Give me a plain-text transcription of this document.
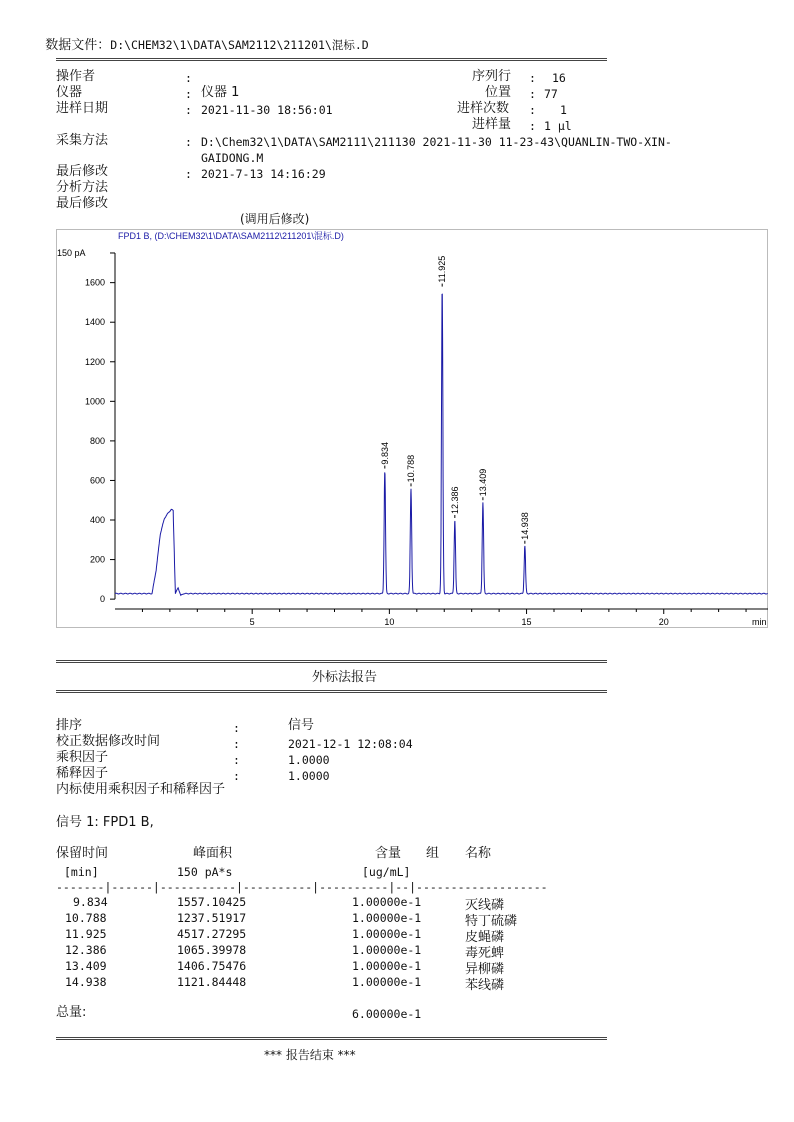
数据文件：D:\CHEM32\1\DATA\SAM2112\211201\混标.D

操作者	:
仪器	: 仪器 1
进样日期	: 2021-11-30 18:56:01
序列行 : 16
位置 : 77
进样次数 : 1
进样量 : 1 µl
采集方法	: D:\Chem32\1\DATA\SAM2111\211130 2021-11-30 11-23-43\QUANLIN-TWO-XIN-
GAIDONG.M
最后修改	: 2021-7-13 14:16:29
分析方法
最后修改
(调用后修改)
FPD1 B, (D:\CHEM32\1\DATA\SAM2112\211201\混标.D)
150 pA
min
0
200
400
600
800
1000
1200
1400
1600
5	10	15	20
9.834
10.788
11.925
12.386
13.409
14.938
外标法报告
排序	:	信号
校正数据修改时间	:	2021-12-1 12:08:04
乘积因子	:	1.0000
稀释因子	:	1.0000
内标使用乘积因子和稀释因子
信号 1: FPD1 B,
保留时间	峰面积	含量 组 名称
[min]	150 pA*s	[ug/mL]
-------|------|-----------|----------|----------|--|-------------------
9.834	1557.10425	1.00000e-1	灭线磷
10.788	1237.51917	1.00000e-1	特丁硫磷
11.925	4517.27295	1.00000e-1	皮蝇磷
12.386	1065.39978	1.00000e-1	毒死蜱
13.409	1406.75476	1.00000e-1	异柳磷
14.938	1121.84448	1.00000e-1	苯线磷
总量:	6.00000e-1
*** 报告结束 ***
